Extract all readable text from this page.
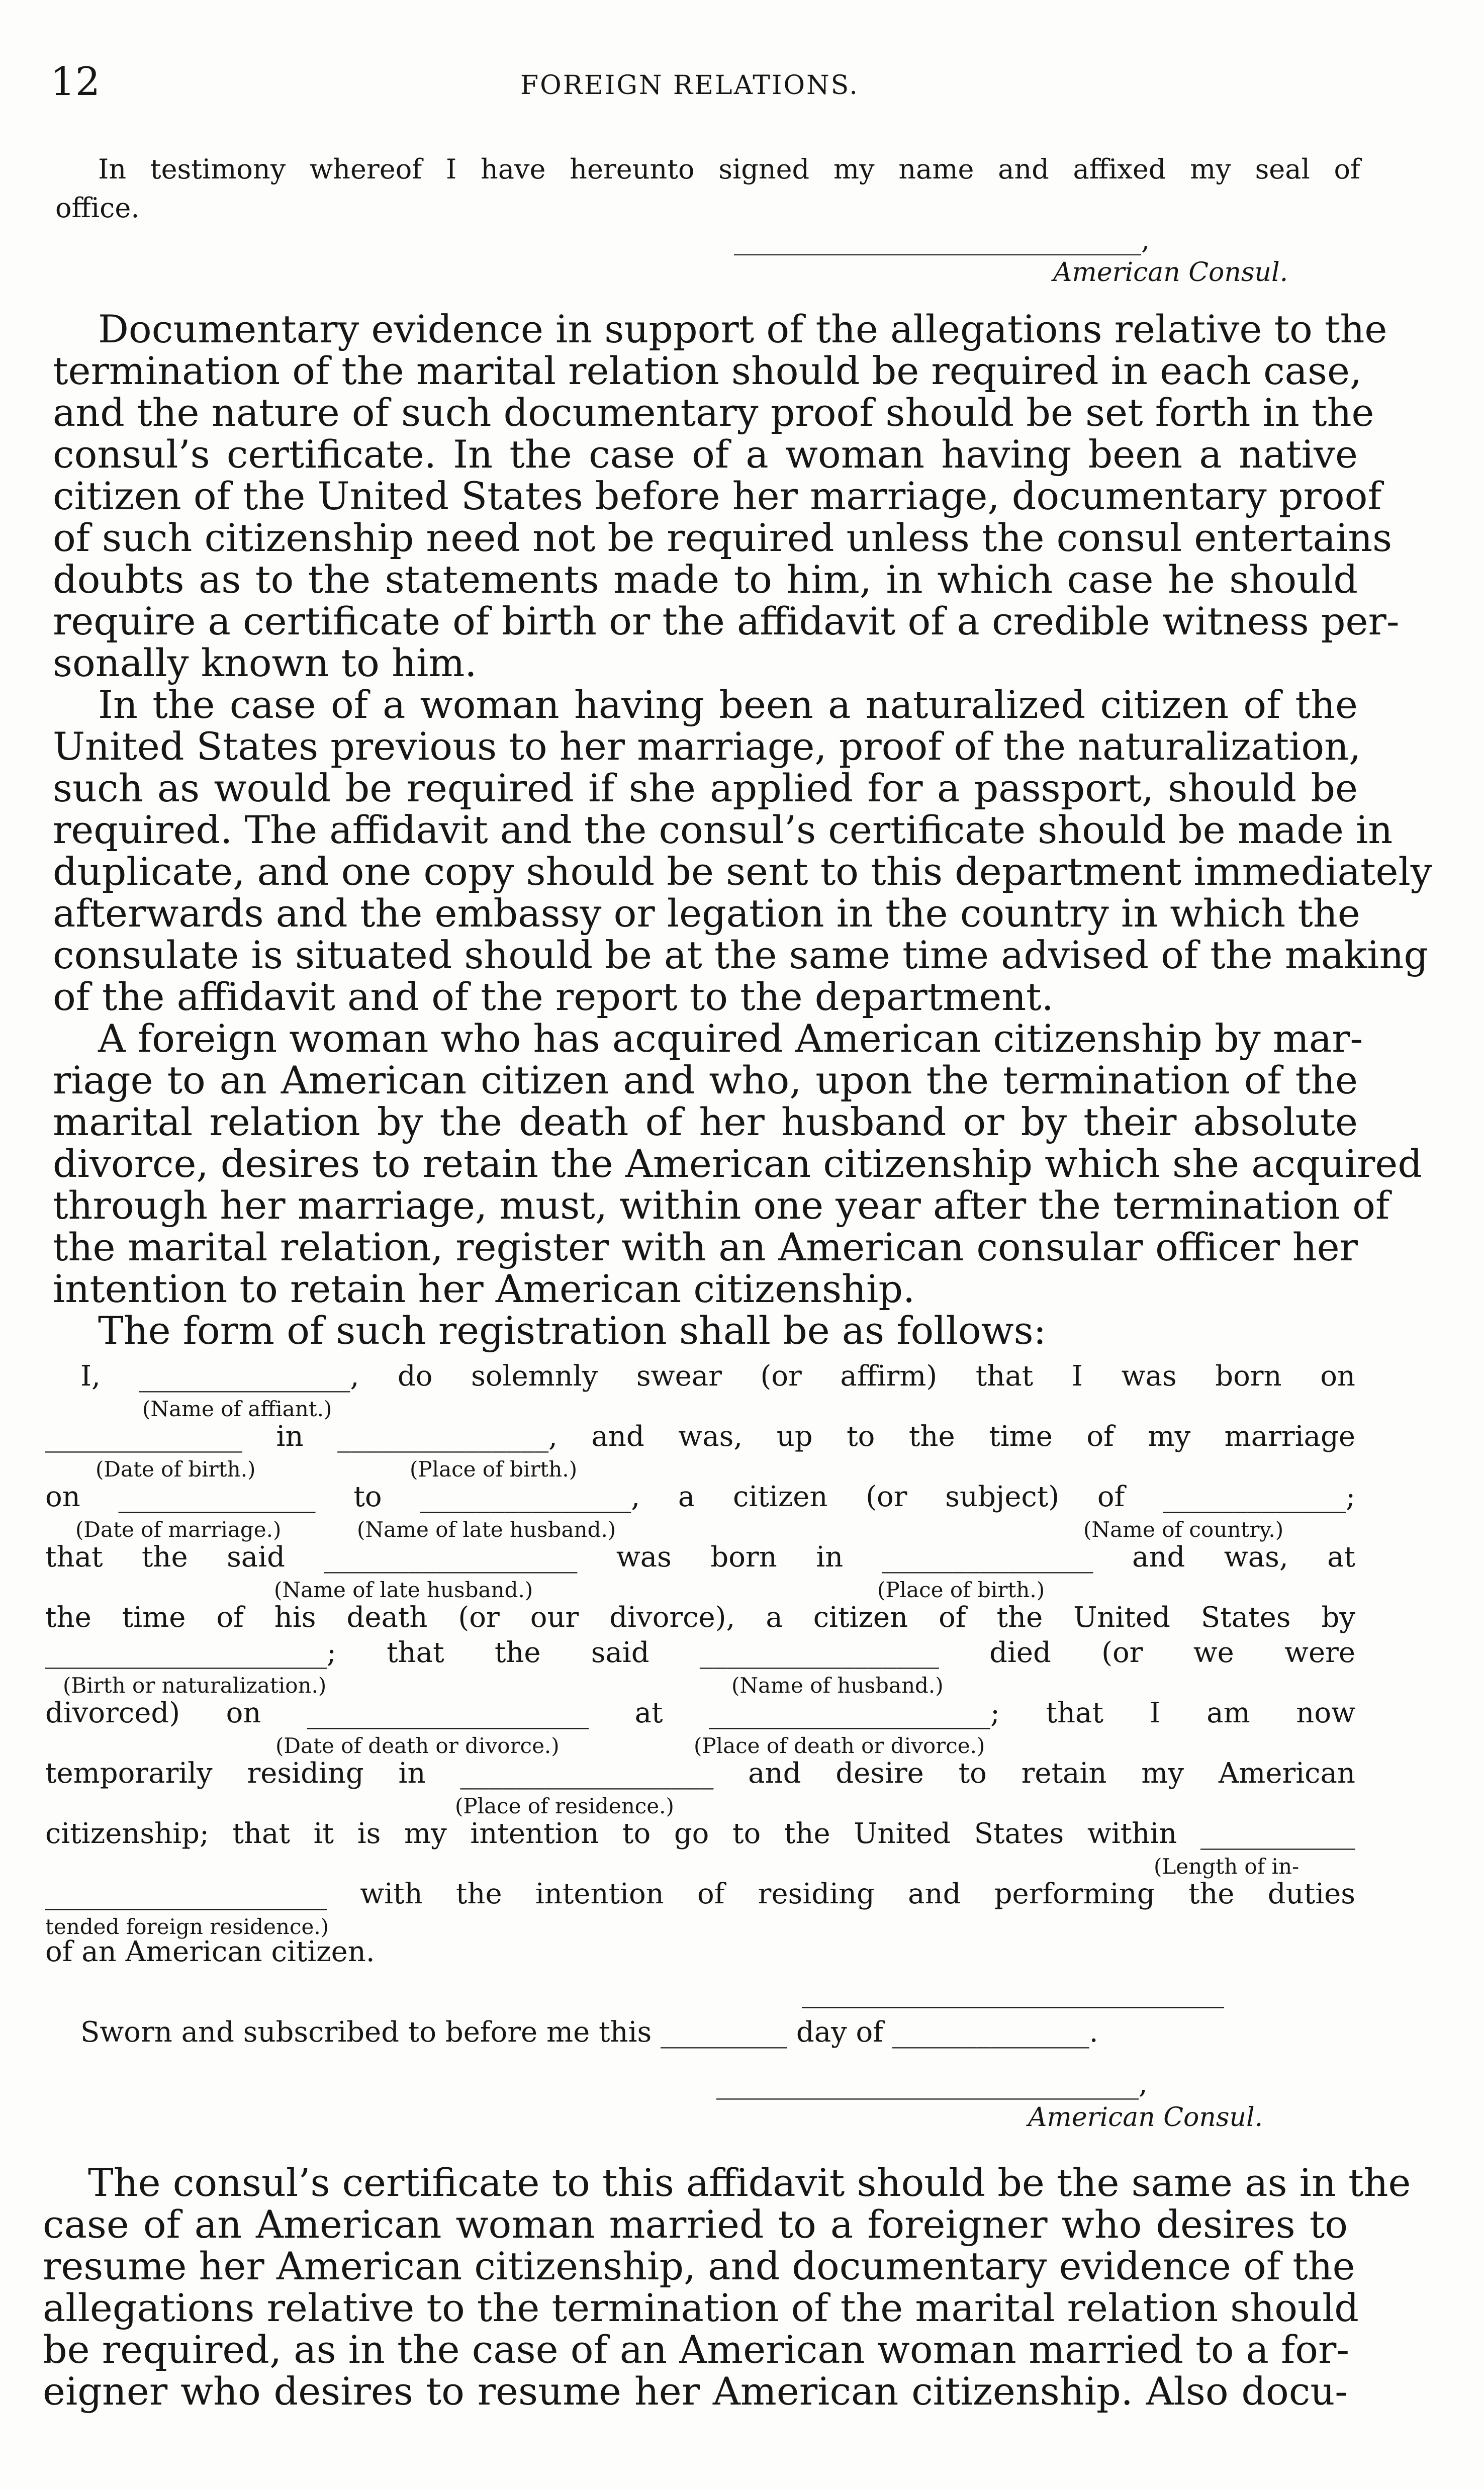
12	FOREIGN RELATIONS.
In testimony whereof I have hereunto signed my name and affixed my seal of
office.
______________________________,
American Consul.
Documentary evidence in support of the allegations relative to the
termination of the marital relation should be required in each case,
and the nature of such documentary proof should be set forth in the
consul’s certificate. In the case of a woman having been a native
citizen of the United States before her marriage, documentary proof
of such citizenship need not be required unless the consul entertains
doubts as to the statements made to him, in which case he should
require a certificate of birth or the affidavit of a credible witness per-
sonally known to him.
In the case of a woman having been a naturalized citizen of the
United States previous to her marriage, proof of the naturalization,
such as would be required if she applied for a passport, should be
required. The affidavit and the consul’s certificate should be made in
duplicate, and one copy should be sent to this department immediately
afterwards and the embassy or legation in the country in which the
consulate is situated should be at the same time advised of the making
of the affidavit and of the report to the department.
A foreign woman who has acquired American citizenship by mar-
riage to an American citizen and who, upon the termination of the
marital relation by the death of her husband or by their absolute
divorce, desires to retain the American citizenship which she acquired
through her marriage, must, within one year after the termination of
the marital relation, register with an American consular officer her
intention to retain her American citizenship.
The form of such registration shall be as follows:
I, _______________, do solemnly swear (or affirm) that I was born on
(Name of affiant.)
______________ in _______________, and was, up to the time of my marriage
(Date of birth.)	(Place of birth.)
on ______________ to _______________, a citizen (or subject) of _____________;
(Date of marriage.)	(Name of late husband.)	(Name of country.)
that the said __________________ was born in _______________ and was, at
(Name of late husband.)	(Place of birth.)
the time of his death (or our divorce), a citizen of the United States by
____________________; that the said _________________ died (or we were
(Birth or naturalization.)	(Name of husband.)
divorced) on ____________________ at ____________________; that I am now
(Date of death or divorce.)	(Place of death or divorce.)
temporarily residing in __________________ and desire to retain my American
(Place of residence.)
citizenship; that it is my intention to go to the United States within ___________
(Length of in-
____________________ with the intention of residing and performing the duties
tended foreign residence.)
of an American citizen.
______________________________
Sworn and subscribed to before me this _________ day of ______________.
______________________________,
American Consul.
The consul’s certificate to this affidavit should be the same as in the
case of an American woman married to a foreigner who desires to
resume her American citizenship, and documentary evidence of the
allegations relative to the termination of the marital relation should
be required, as in the case of an American woman married to a for-
eigner who desires to resume her American citizenship. Also docu-
